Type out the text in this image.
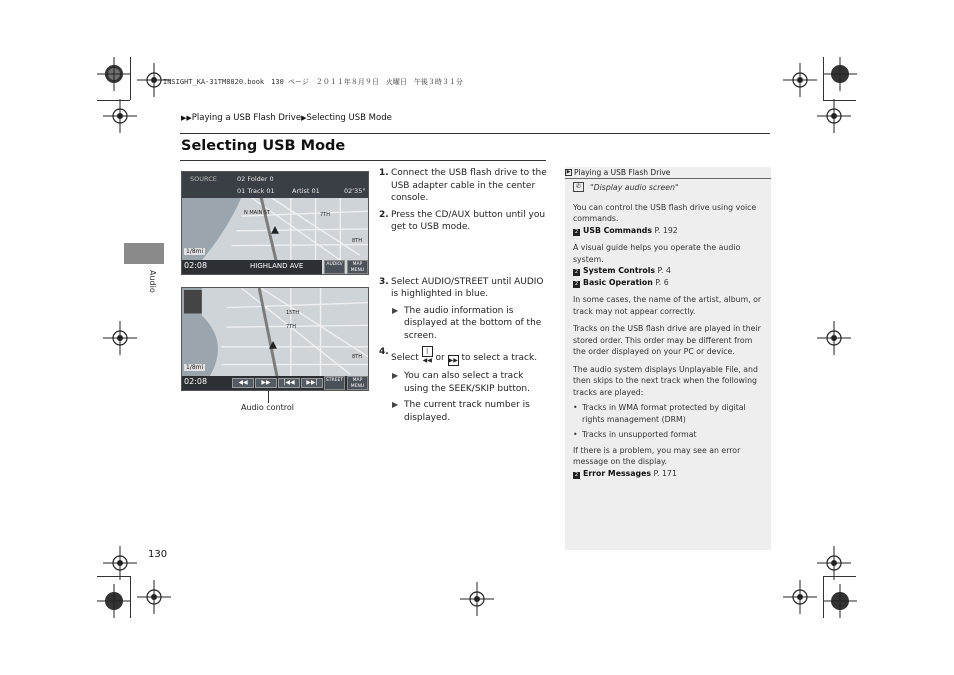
INSIGHT_KA-31TM8820.book　130 ページ　２０１１年８月９日　火曜日　午後３時３１分
▶▶Playing a USB Flash Drive▶Selecting USB Mode
Selecting USB Mode
Audio
SOURCE	02 Folder 0
01 Track 01	Artist 01	02'35"
N MAIN ST	7TH
8TH
1/8mi
AUDIO/	MAP MENU
02:08	HIGHLAND AVE
15TH
7TH
8TH
1/8mi
02:08	◀◀	▶▶	|◀◀	▶▶|	STREET	MAP MENU
Audio control
1. Connect the USB flash drive to the USB adapter cable in the center console.
2. Press the CD/AUX button until you get to USB mode.
3. Select AUDIO/STREET until AUDIO is highlighted in blue.
▶ The audio information is displayed at the bottom of the screen.
4.
Select |◀◀ or ▶▶| to select a track.
▶ You can also select a track using the SEEK/SKIP button.
▶ The current track number is displayed.
▶ Playing a USB Flash Drive
✆	"Display audio screen"

You can control the USB flash drive using voice commands.
2 USB Commands P. 192

A visual guide helps you operate the audio system.
2 System Controls P. 4
2 Basic Operation P. 6

In some cases, the name of the artist, album, or track may not appear correctly.

Tracks on the USB flash drive are played in their stored order. This order may be different from the order displayed on your PC or device.

The audio system displays Unplayable File, and then skips to the next track when the following tracks are played:

• Tracks in WMA format protected by digital rights management (DRM)
• Tracks in unsupported format

If there is a problem, you may see an error message on the display.
2 Error Messages P. 171

130
